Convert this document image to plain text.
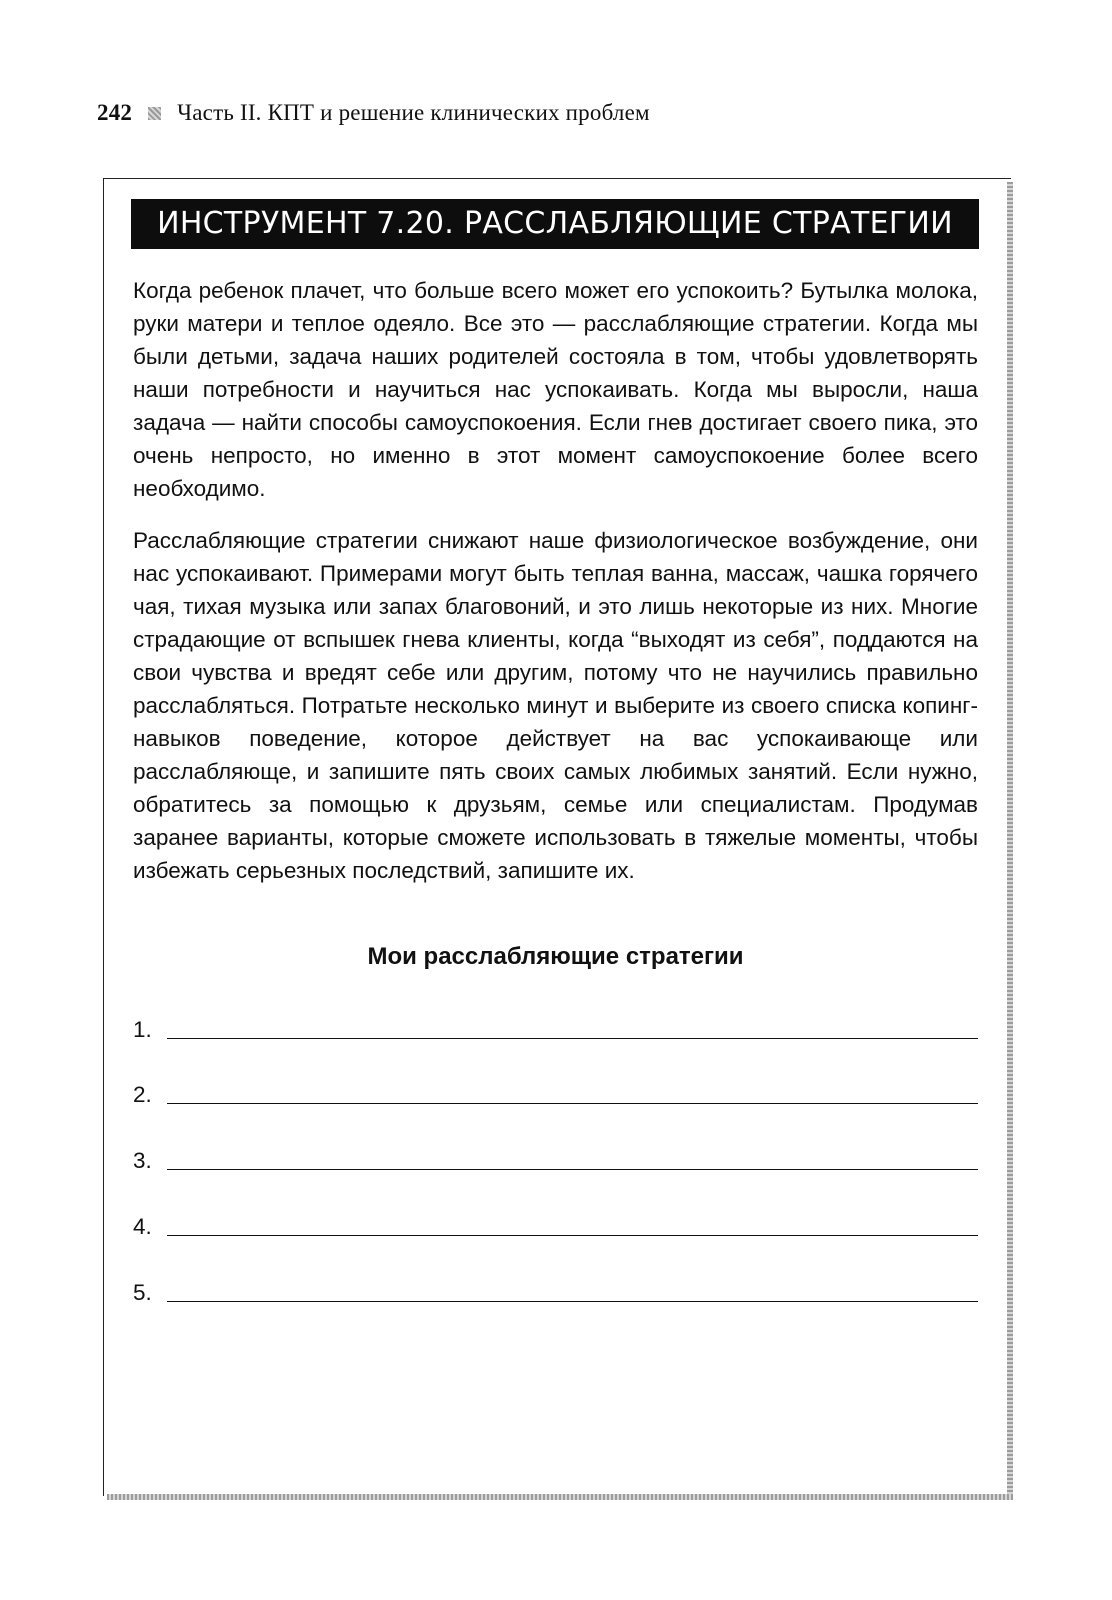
242 Часть II. КПТ и решение клинических проблем
ИНСТРУМЕНТ 7.20. РАССЛАБЛЯЮЩИЕ СТРАТЕГИИ

Когда ребенок плачет, что больше всего может его успокоить? Бутылка молока, руки матери и теплое одеяло. Все это — расслабляющие стратегии. Когда мы были детьми, задача наших родителей состояла в том, чтобы удовлетворять наши потребности и научиться нас успокаивать. Когда мы выросли, наша задача — найти способы самоуспокоения. Если гнев достигает своего пика, это очень непросто, но именно в этот момент самоуспокоение более всего необходимо.

Расслабляющие стратегии снижают наше физиологическое возбуждение, они нас успокаивают. Примерами могут быть теплая ванна, массаж, чашка горячего чая, тихая музыка или запах благовоний, и это лишь некоторые из них. Многие страдающие от вспышек гнева клиенты, когда “выходят из себя”, поддаются на свои чувства и вредят себе или другим, потому что не научились правильно расслабляться. Потратьте несколько минут и выберите из своего списка копинг-навыков поведение, которое действует на вас успокаивающе или расслабляюще, и запишите пять своих самых любимых занятий. Если нужно, обратитесь за помощью к друзьям, семье или специалистам. Продумав заранее варианты, которые сможете использовать в тяжелые моменты, чтобы избежать серьезных последствий, запишите их.

Мои расслабляющие стратегии

1.
2.
3.
4.
5.
